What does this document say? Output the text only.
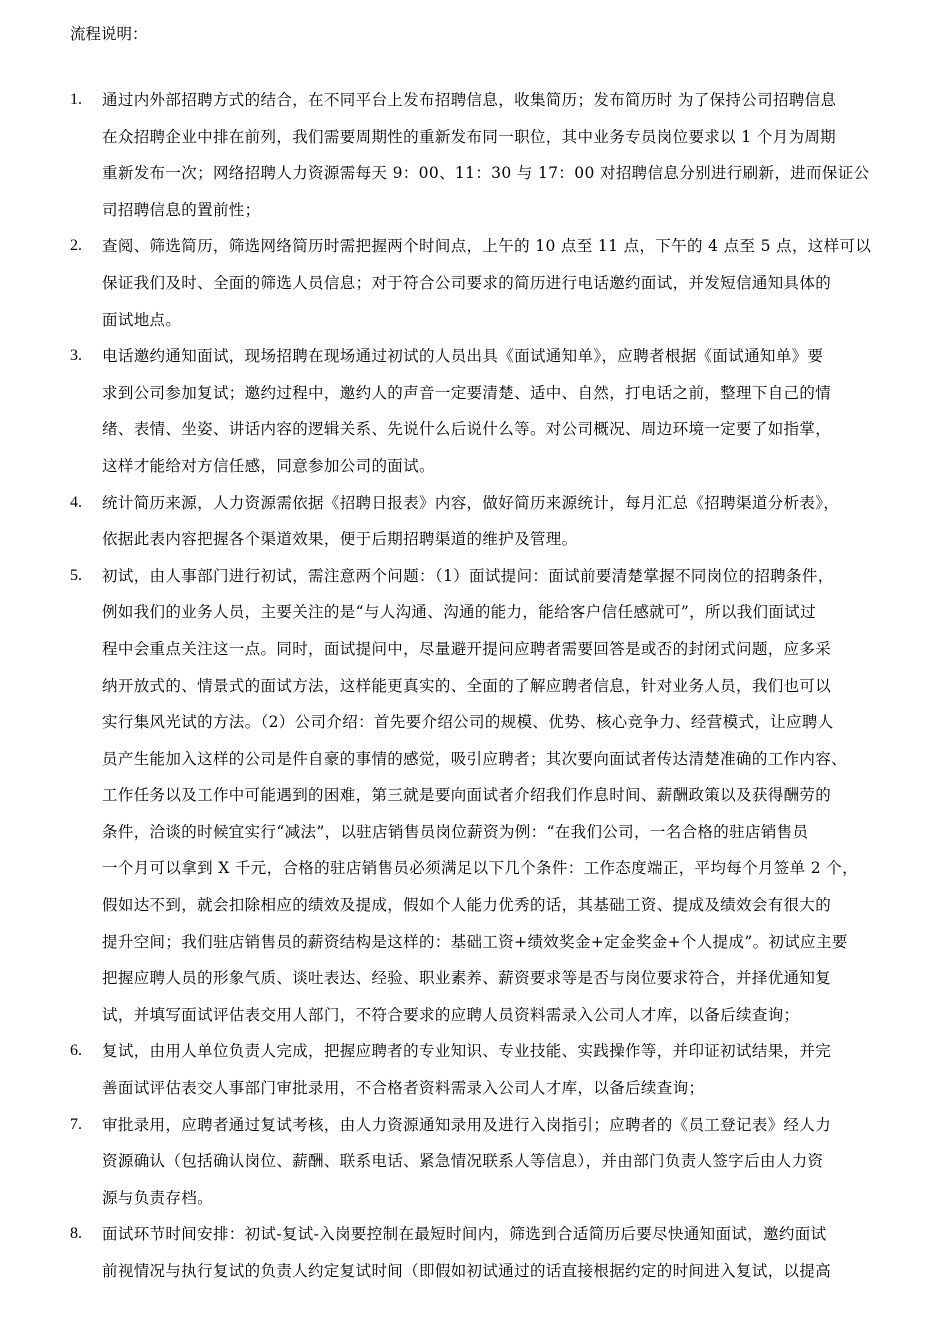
流程说明：
1. 通过内外部招聘方式的结合，在不同平台上发布招聘信息，收集简历；发布简历时 为了保持公司招聘信息
在众招聘企业中排在前列，我们需要周期性的重新发布同一职位，其中业务专员岗位要求以 1 个月为周期
重新发布一次；网络招聘人力资源需每天 9：00、11：30 与 17：00 对招聘信息分别进行刷新，进而保证公
司招聘信息的置前性；
2. 查阅、筛选简历，筛选网络简历时需把握两个时间点，上午的 10 点至 11 点，下午的 4 点至 5 点，这样可以
保证我们及时、全面的筛选人员信息；对于符合公司要求的简历进行电话邀约面试，并发短信通知具体的
面试地点。
3. 电话邀约通知面试，现场招聘在现场通过初试的人员出具《面试通知单》，应聘者根据《面试通知单》要
求到公司参加复试；邀约过程中，邀约人的声音一定要清楚、适中、自然，打电话之前，整理下自己的情
绪、表情、坐姿、讲话内容的逻辑关系、先说什么后说什么等。对公司概况、周边环境一定要了如指掌，
这样才能给对方信任感，同意参加公司的面试。
4. 统计简历来源，人力资源需依据《招聘日报表》内容，做好简历来源统计，每月汇总《招聘渠道分析表》，
依据此表内容把握各个渠道效果，便于后期招聘渠道的维护及管理。
5. 初试，由人事部门进行初试，需注意两个问题：（1）面试提问：面试前要清楚掌握不同岗位的招聘条件，
例如我们的业务人员，主要关注的是“与人沟通、沟通的能力，能给客户信任感就可”，所以我们面试过
程中会重点关注这一点。同时，面试提问中，尽量避开提问应聘者需要回答是或否的封闭式问题，应多采
纳开放式的、情景式的面试方法，这样能更真实的、全面的了解应聘者信息，针对业务人员，我们也可以
实行集风光试的方法。（2）公司介绍：首先要介绍公司的规模、优势、核心竞争力、经营模式，让应聘人
员产生能加入这样的公司是件自豪的事情的感觉，吸引应聘者；其次要向面试者传达清楚准确的工作内容、
工作任务以及工作中可能遇到的困难，第三就是要向面试者介绍我们作息时间、薪酬政策以及获得酬劳的
条件，洽谈的时候宜实行“减法”，以驻店销售员岗位薪资为例：“在我们公司，一名合格的驻店销售员
一个月可以拿到 X 千元，合格的驻店销售员必须满足以下几个条件：工作态度端正，平均每个月签单 2 个，
假如达不到，就会扣除相应的绩效及提成，假如个人能力优秀的话，其基础工资、提成及绩效会有很大的
提升空间；我们驻店销售员的薪资结构是这样的：基础工资+绩效奖金+定金奖金+个人提成”。初试应主要
把握应聘人员的形象气质、谈吐表达、经验、职业素养、薪资要求等是否与岗位要求符合，并择优通知复
试，并填写面试评估表交用人部门，不符合要求的应聘人员资料需录入公司人才库，以备后续查询；
6. 复试，由用人单位负责人完成，把握应聘者的专业知识、专业技能、实践操作等，并印证初试结果，并完
善面试评估表交人事部门审批录用，不合格者资料需录入公司人才库，以备后续查询；
7. 审批录用，应聘者通过复试考核，由人力资源通知录用及进行入岗指引；应聘者的《员工登记表》经人力
资源确认（包括确认岗位、薪酬、联系电话、紧急情况联系人等信息），并由部门负责人签字后由人力资
源与负责存档。
8. 面试环节时间安排：初试-复试-入岗要控制在最短时间内，筛选到合适简历后要尽快通知面试，邀约面试
前视情况与执行复试的负责人约定复试时间（即假如初试通过的话直接根据约定的时间进入复试，以提高
